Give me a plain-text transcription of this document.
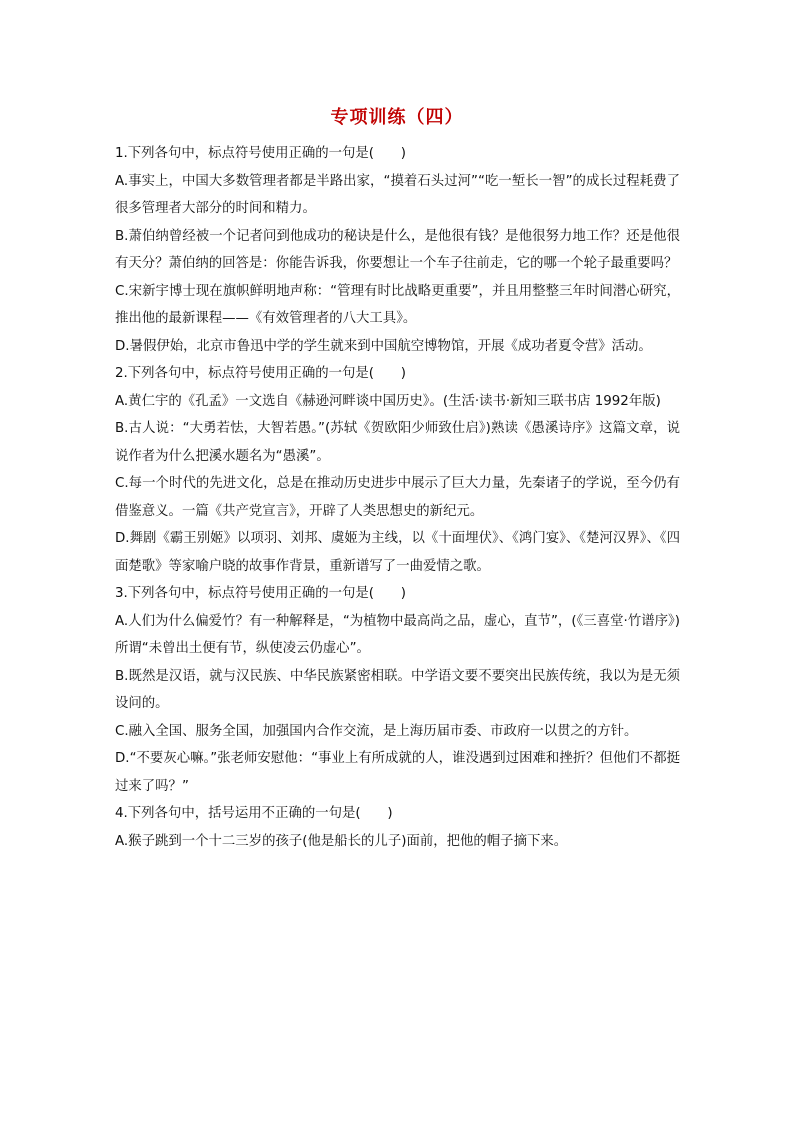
专项训练（四）

1.下列各句中，标点符号使用正确的一句是(　　)

A.事实上，中国大多数管理者都是半路出家，“摸着石头过河”“吃一堑长一智”的成长过程耗费了很多管理者大部分的时间和精力。

B.萧伯纳曾经被一个记者问到他成功的秘诀是什么，是他很有钱？是他很努力地工作？还是他很有天分？萧伯纳的回答是：你能告诉我，你要想让一个车子往前走，它的哪一个轮子最重要吗？

C.宋新宇博士现在旗帜鲜明地声称：“管理有时比战略更重要”，并且用整整三年时间潜心研究，推出他的最新课程——《有效管理者的八大工具》。

D.暑假伊始，北京市鲁迅中学的学生就来到中国航空博物馆，开展《成功者夏令营》活动。

2.下列各句中，标点符号使用正确的一句是(　　)

A.黄仁宇的《孔孟》一文选自《赫逊河畔谈中国历史》。(生活·读书·新知三联书店 1992年版)

B.古人说：“大勇若怯，大智若愚。”(苏轼《贺欧阳少师致仕启》)熟读《愚溪诗序》这篇文章，说说作者为什么把溪水题名为“愚溪”。

C.每一个时代的先进文化，总是在推动历史进步中展示了巨大力量，先秦诸子的学说，至今仍有借鉴意义。一篇《共产党宣言》，开辟了人类思想史的新纪元。

D.舞剧《霸王别姬》以项羽、刘邦、虞姬为主线，以《十面埋伏》、《鸿门宴》、《楚河汉界》、《四面楚歌》等家喻户晓的故事作背景，重新谱写了一曲爱情之歌。

3.下列各句中，标点符号使用正确的一句是(　　)

A.人们为什么偏爱竹？有一种解释是，“为植物中最高尚之品，虚心，直节”，(《三喜堂·竹谱序》)所谓“未曾出土便有节，纵使凌云仍虚心”。

B.既然是汉语，就与汉民族、中华民族紧密相联。中学语文要不要突出民族传统，我以为是无须设问的。

C.融入全国、服务全国，加强国内合作交流，是上海历届市委、市政府一以贯之的方针。

D.“不要灰心嘛。”张老师安慰他：“事业上有所成就的人，谁没遇到过困难和挫折？但他们不都挺过来了吗？”

4.下列各句中，括号运用不正确的一句是(　　)

A.猴子跳到一个十二三岁的孩子(他是船长的儿子)面前，把他的帽子摘下来。
